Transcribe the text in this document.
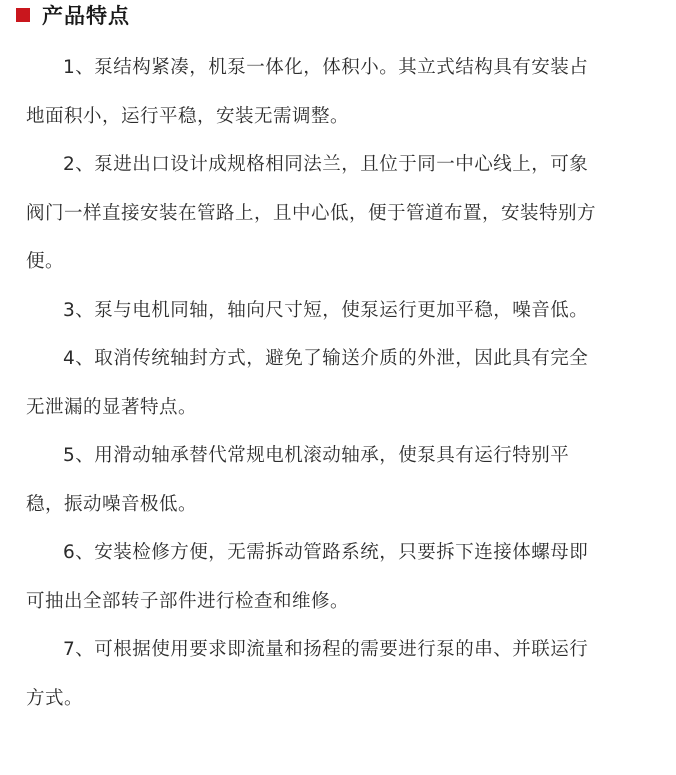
产品特点

1、泵结构紧凑，机泵一体化，体积小。其立式结构具有安装占地面积小，运行平稳，安装无需调整。

2、泵进出口设计成规格相同法兰，且位于同一中心线上，可象阀门一样直接安装在管路上，且中心低，便于管道布置，安装特别方便。

3、泵与电机同轴，轴向尺寸短，使泵运行更加平稳，噪音低。

4、取消传统轴封方式，避免了输送介质的外泄，因此具有完全无泄漏的显著特点。

5、用滑动轴承替代常规电机滚动轴承，使泵具有运行特别平稳，振动噪音极低。

6、安装检修方便，无需拆动管路系统，只要拆下连接体螺母即可抽出全部转子部件进行检查和维修。

7、可根据使用要求即流量和扬程的需要进行泵的串、并联运行方式。
